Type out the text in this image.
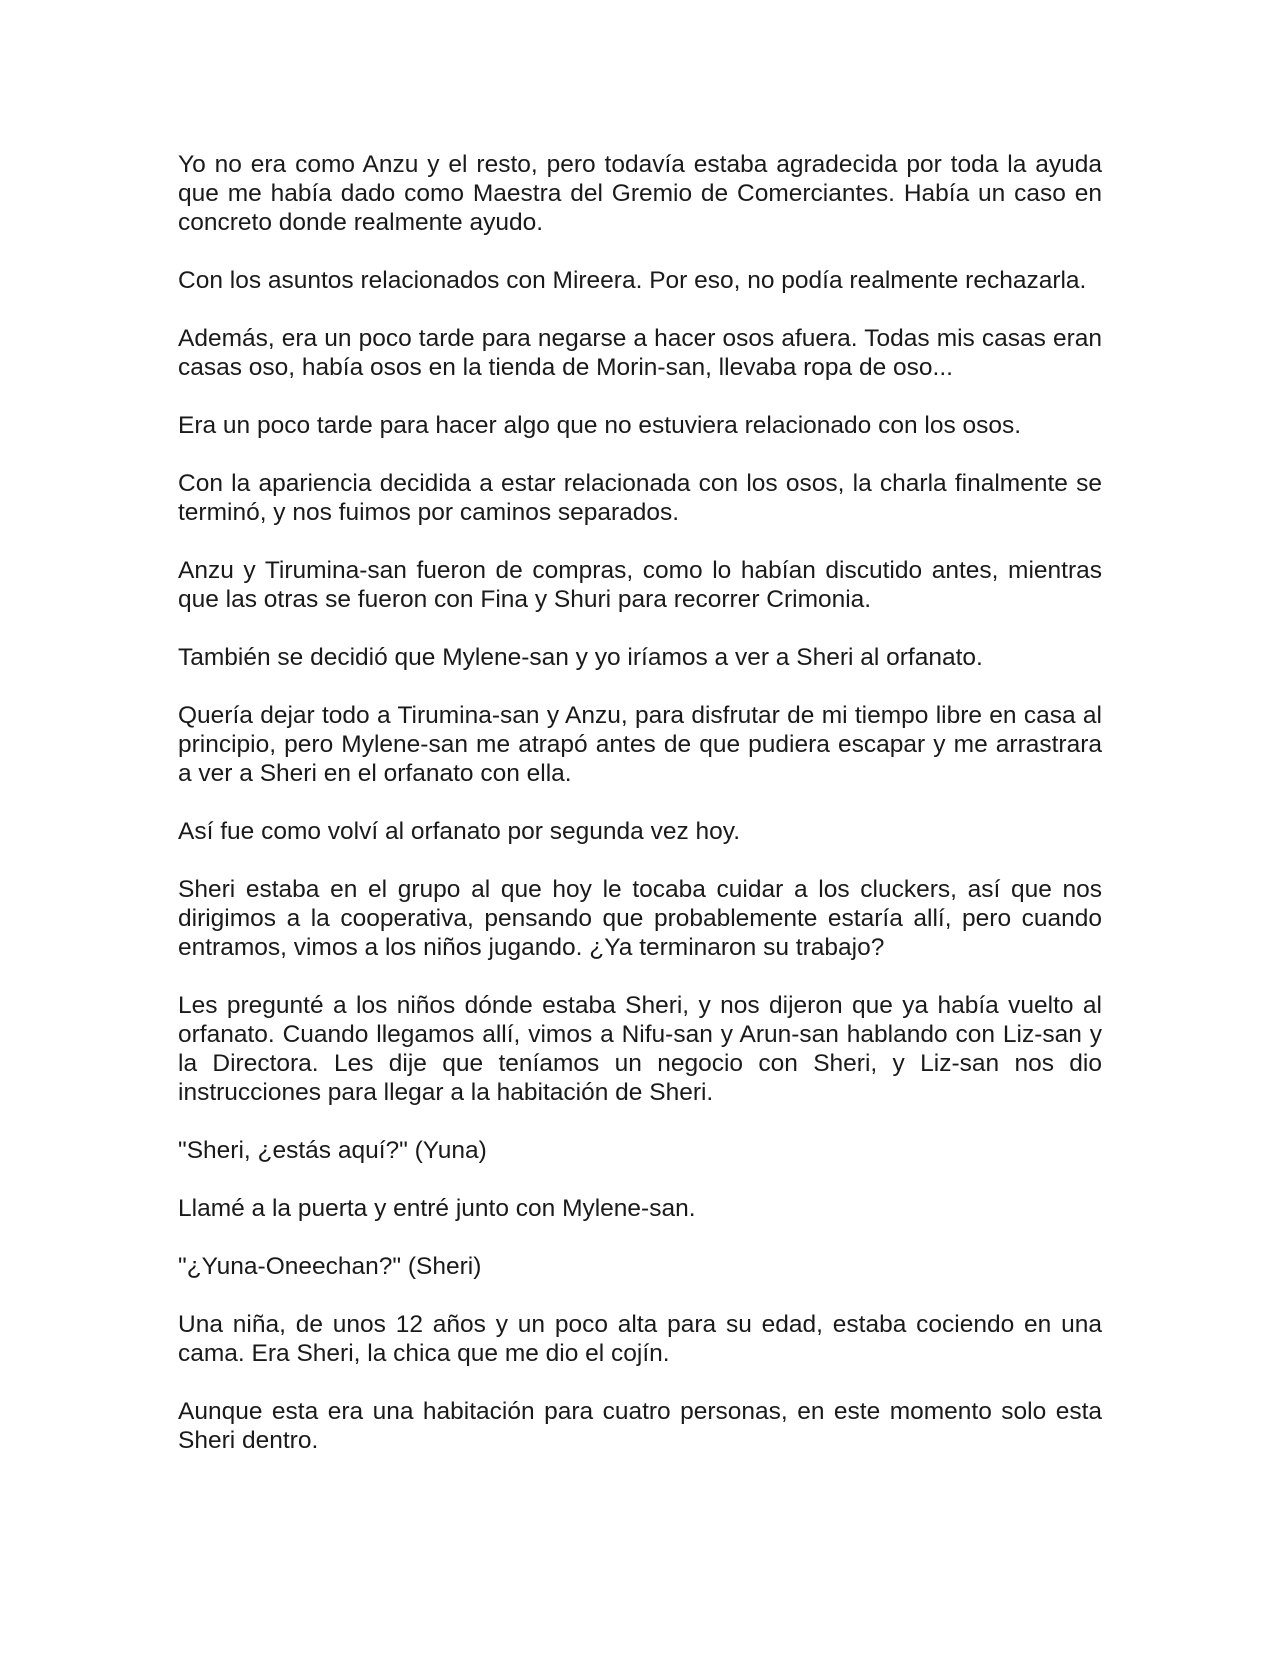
Yo no era como Anzu y el resto, pero todavía estaba agradecida por toda la ayuda que me había dado como Maestra del Gremio de Comerciantes. Había un caso en concreto donde realmente ayudo.

Con los asuntos relacionados con Mireera. Por eso, no podía realmente rechazarla.

Además, era un poco tarde para negarse a hacer osos afuera. Todas mis casas eran casas oso, había osos en la tienda de Morin-san, llevaba ropa de oso...

Era un poco tarde para hacer algo que no estuviera relacionado con los osos.

Con la apariencia decidida a estar relacionada con los osos, la charla finalmente se terminó, y nos fuimos por caminos separados.

Anzu y Tirumina-san fueron de compras, como lo habían discutido antes, mientras que las otras se fueron con Fina y Shuri para recorrer Crimonia.

También se decidió que Mylene-san y yo iríamos a ver a Sheri al orfanato.

Quería dejar todo a Tirumina-san y Anzu, para disfrutar de mi tiempo libre en casa al principio, pero Mylene-san me atrapó antes de que pudiera escapar y me arrastrara a ver a Sheri en el orfanato con ella.

Así fue como volví al orfanato por segunda vez hoy.

Sheri estaba en el grupo al que hoy le tocaba cuidar a los cluckers, así que nos dirigimos a la cooperativa, pensando que probablemente estaría allí, pero cuando entramos, vimos a los niños jugando. ¿Ya terminaron su trabajo?

Les pregunté a los niños dónde estaba Sheri, y nos dijeron que ya había vuelto al orfanato. Cuando llegamos allí, vimos a Nifu-san y Arun-san hablando con Liz-san y la Directora. Les dije que teníamos un negocio con Sheri, y Liz-san nos dio instrucciones para llegar a la habitación de Sheri.

"Sheri, ¿estás aquí?" (Yuna)

Llamé a la puerta y entré junto con Mylene-san.

"¿Yuna-Oneechan?" (Sheri)

Una niña, de unos 12 años y un poco alta para su edad, estaba cociendo en una cama. Era Sheri, la chica que me dio el cojín.

Aunque esta era una habitación para cuatro personas, en este momento solo esta Sheri dentro.
